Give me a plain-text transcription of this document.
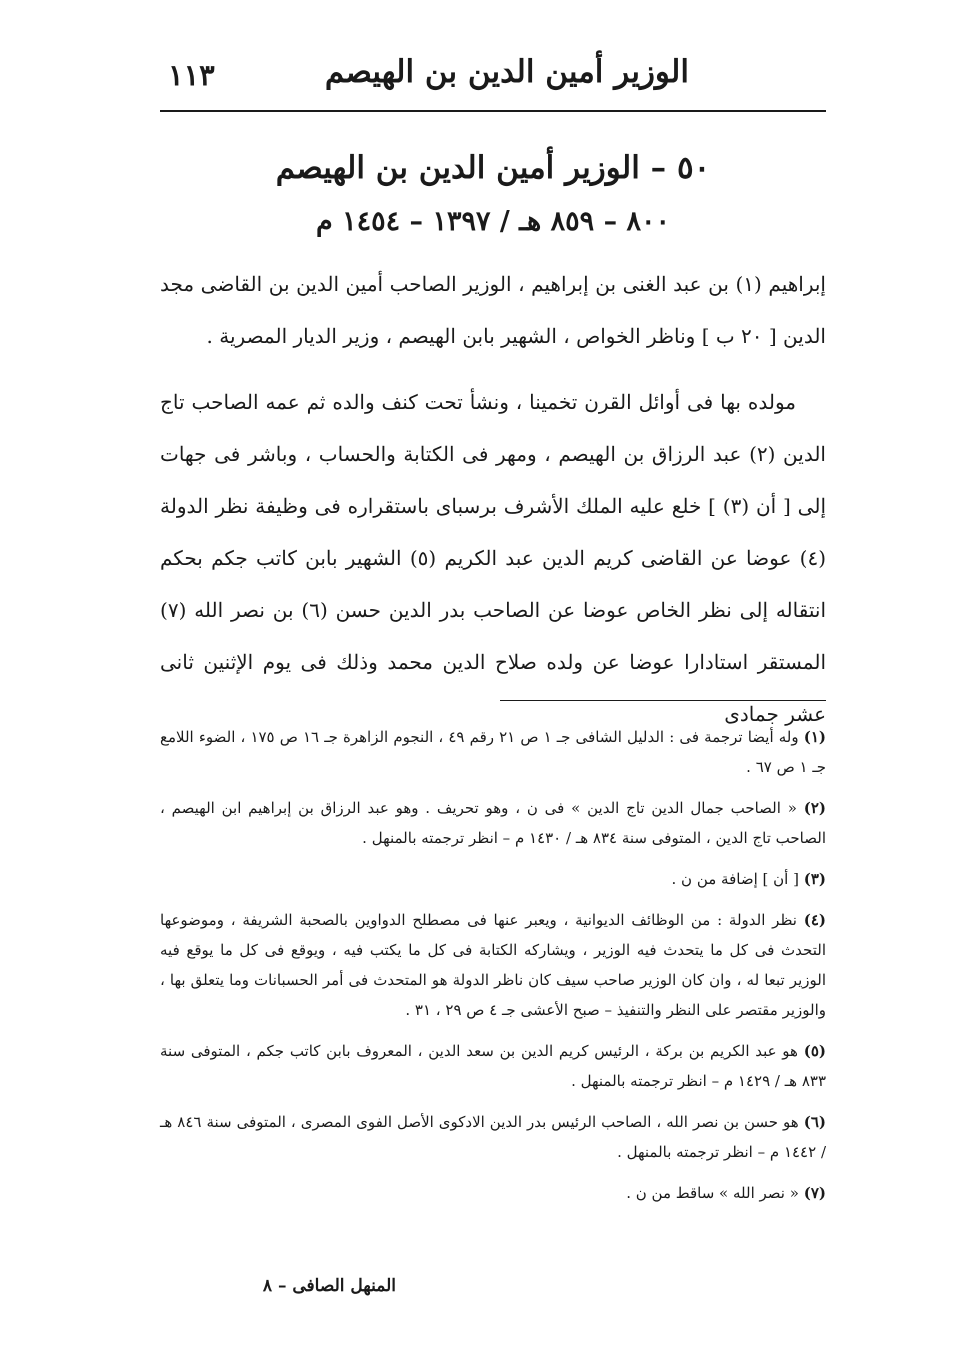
الوزير أمين الدين بن الهيصم
١١٣
٥٠ – الوزير أمين الدين بن الهيصم
٨٠٠ – ٨٥٩ هـ / ١٣٩٧ – ١٤٥٤ م

إبراهيم (١) بن عبد الغنى بن إبراهيم ، الوزير الصاحب أمين الدين بن القاضى مجد الدين [ ٢٠ ب ] وناظر الخواص ، الشهير بابن الهيصم ، وزير الديار المصرية .

مولده بها فى أوائل القرن تخمينا ، ونشأ تحت كنف والده ثم عمه الصاحب تاج الدين (٢) عبد الرزاق بن الهيصم ، ومهر فى الكتابة والحساب ، وباشر فى جهات إلى [ أن (٣) ] خلع عليه الملك الأشرف برسباى باستقراره فى وظيفة نظر الدولة (٤) عوضا عن القاضى كريم الدين عبد الكريم (٥) الشهير بابن كاتب جكم بحكم انتقاله إلى نظر الخاص عوضا عن الصاحب بدر الدين حسن (٦) بن نصر الله (٧) المستقر استادارا عوضا عن ولده صلاح الدين محمد وذلك فى يوم الإثنين ثانى عشر جمادى

(١) وله أيضا ترجمة فى : الدليل الشافى جـ ١ ص ٢١ رقم ٤٩ ، النجوم الزاهرة جـ ١٦ ص ١٧٥ ، الضوء اللامع جـ ١ ص ٦٧ .

(٢) « الصاحب جمال الدين تاج الدين » فى ن ، وهو تحريف . وهو عبد الرزاق بن إبراهيم ابن الهيصم ، الصاحب تاج الدين ، المتوفى سنة ٨٣٤ هـ / ١٤٣٠ م – انظر ترجمته بالمنهل .

(٣) [ أن ] إضافة من ن .

(٤) نظر الدولة : من الوظائف الديوانية ، ويعبر عنها فى مصطلح الدواوين بالصحبة الشريفة ، وموضوعها التحدث فى كل ما يتحدث فيه الوزير ، ويشاركه الكتابة فى كل ما يكتب فيه ، ويوقع فى كل ما يوقع فيه الوزير تبعا له ، وان كان الوزير صاحب سيف كان ناظر الدولة هو المتحدث فى أمر الحسبانات وما يتعلق بها ، والوزير مقتصر على النظر والتنفيذ – صبح الأعشى جـ ٤ ص ٢٩ ، ٣١ .

(٥) هو عبد الكريم بن بركة ، الرئيس كريم الدين بن سعد الدين ، المعروف بابن كاتب جكم ، المتوفى سنة ٨٣٣ هـ / ١٤٢٩ م – انظر ترجمته بالمنهل .

(٦) هو حسن بن نصر الله ، الصاحب الرئيس بدر الدين الادكوى الأصل الفوى المصرى ، المتوفى سنة ٨٤٦ هـ / ١٤٤٢ م – انظر ترجمته بالمنهل .

(٧) « نصر الله » ساقط من ن .

المنهل الصافى – ٨
